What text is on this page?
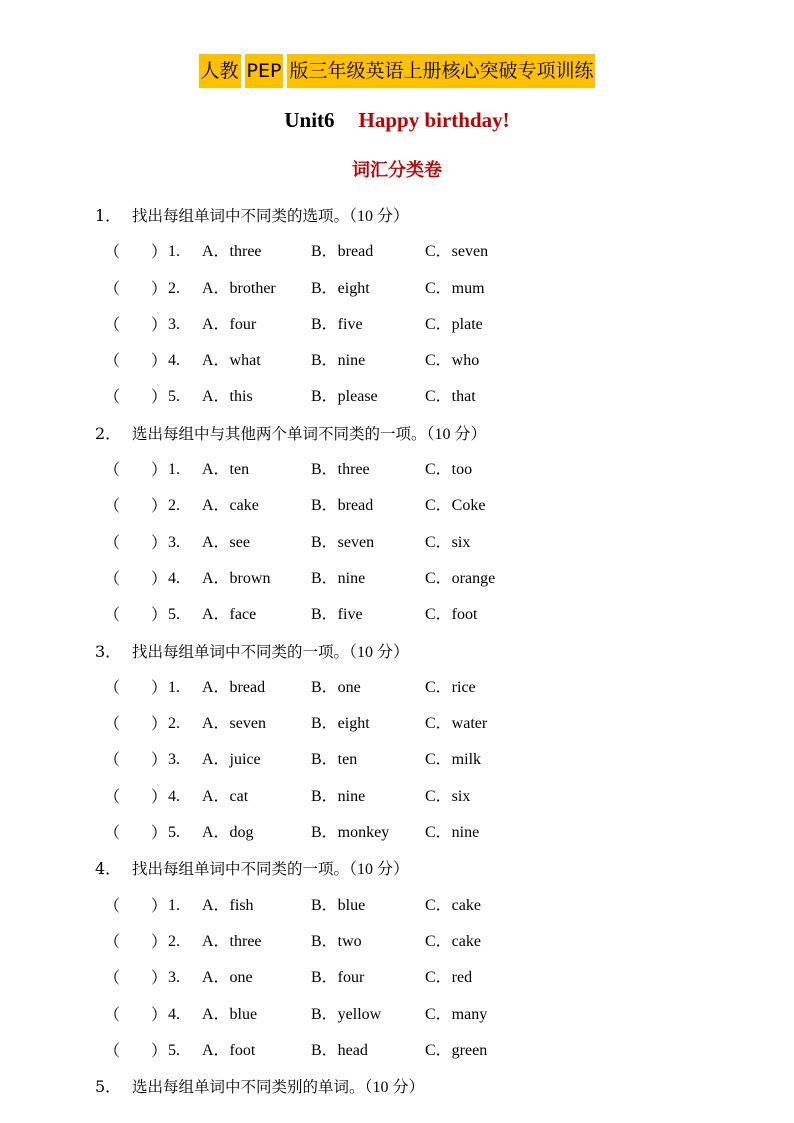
人教 PEP 版三年级英语上册核心突破专项训练
Unit6 Happy birthday!
词汇分类卷
1． 找出每组单词中不同类的选项。（10 分）
（ ） 1. A．three	B．bread	C．seven
（ ） 2. A．brother B．eight	C．mum
（ ） 3. A．four	B．five	C．plate
（ ） 4. A．what	B．nine	C．who
（ ） 5. A．this	B．please	C．that
2． 选出每组中与其他两个单词不同类的一项。（10 分）
（ ） 1. A．ten	B．three	C．too
（ ） 2. A．cake	B．bread	C．Coke
（ ） 3. A．see	B．seven	C．six
（ ） 4. A．brown	B．nine	C．orange
（ ） 5. A．face	B．five	C．foot
3． 找出每组单词中不同类的一项。（10 分）
（ ） 1. A．bread	B．one	C．rice
（ ） 2. A．seven	B．eight	C．water
（ ） 3. A．juice	B．ten	C．milk
（ ） 4. A．cat	B．nine	C．six
（ ） 5. A．dog	B．monkey C．nine
4． 找出每组单词中不同类的一项。（10 分）
（ ） 1. A．fish	B．blue	C．cake
（ ） 2. A．three	B．two	C．cake
（ ） 3. A．one	B．four	C．red
（ ） 4. A．blue	B．yellow	C．many
（ ） 5. A．foot	B．head	C．green
5． 选出每组单词中不同类别的单词。（10 分）
